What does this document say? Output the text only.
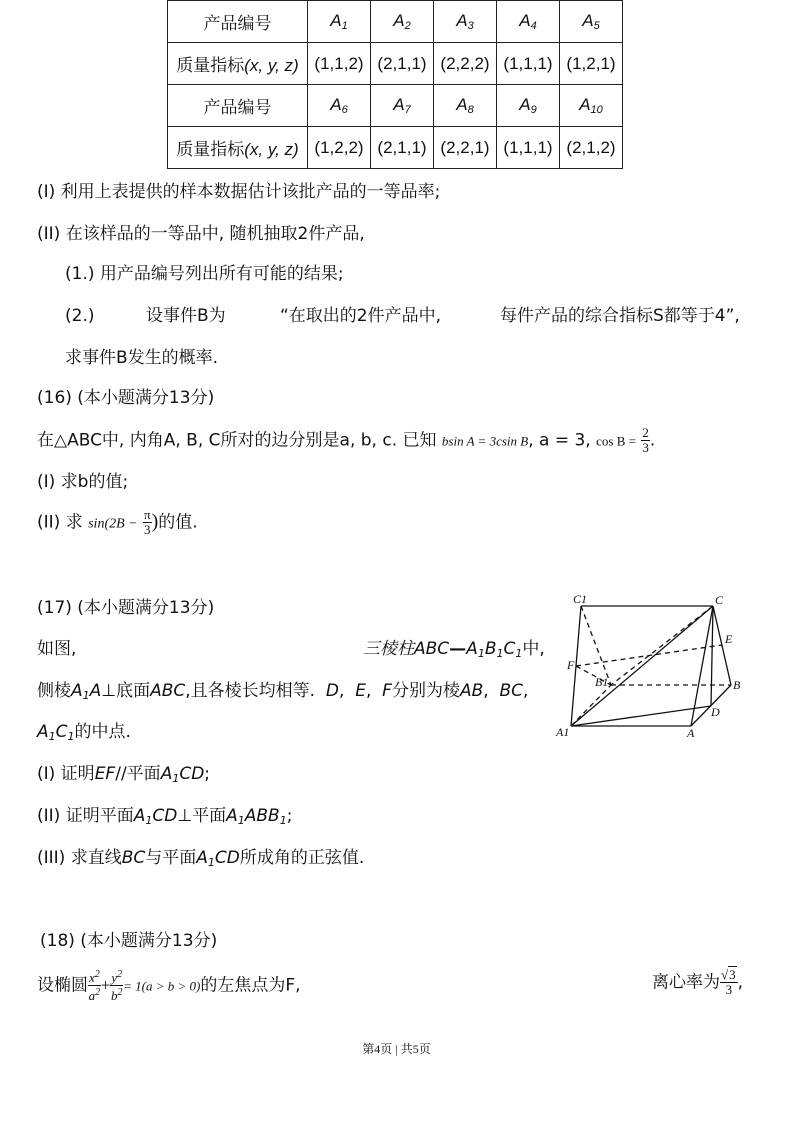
产品编号	$A_1$	$A_2$	$A_3$	$A_4$	$A_5$
质量指标(x, y, z)	(1,1,2)	(2,1,1)	(2,2,2)	(1,1,1)	(1,2,1)
产品编号	$A_6$	$A_7$	$A_8$	$A_9$	$A_{10}$
质量指标(x, y, z)	(1,2,2)	(2,1,1)	(2,2,1)	(1,1,1)	(2,1,2)
(I) 利用上表提供的样本数据估计该批产品的一等品率;
(II) 在该样品的一等品中, 随机抽取2件产品,
(1.) 用产品编号列出所有可能的结果;
(2.)	设事件B为	“在取出的2件产品中,	每件产品的综合指标S都等于4”,
求事件B发生的概率.
(16) (本小题满分13分)
在△ABC中, 内角A, B, C所对的边分别是a, b, c. 已知 bsin A = 3csin B, a = 3, $\cos B = \frac{2}{3}$ .
(I) 求b的值;
(II) 求 $\sin(2B - \frac{\pi}{3}$ )的值.
(17) (本小题满分13分)
如图,	三棱柱$ABC—A_1B_1C_1$中,
侧棱$A_1A\perp$底面ABC,且各棱长均相等.  D,  E,  F分别为棱AB,  BC,
$A_1C_1$的中点.
(I) 证明EF//平面$A_1CD$;
(II) 证明平面$A_1CD\perp$平面$A_1ABB_1$;
(III) 求直线BC与平面$A_1CD$所成角的正弦值.
C1	C
E
F
B1	B
D
A1	A
(18) (本小题满分13分)
设椭圆 $\frac{x^2}{a^2} + \frac{y^2}{b^2} = 1(a > b > 0)$的左焦点为F,	离心率为 $\frac{√3}{3}$ ,
第4页 | 共5页
